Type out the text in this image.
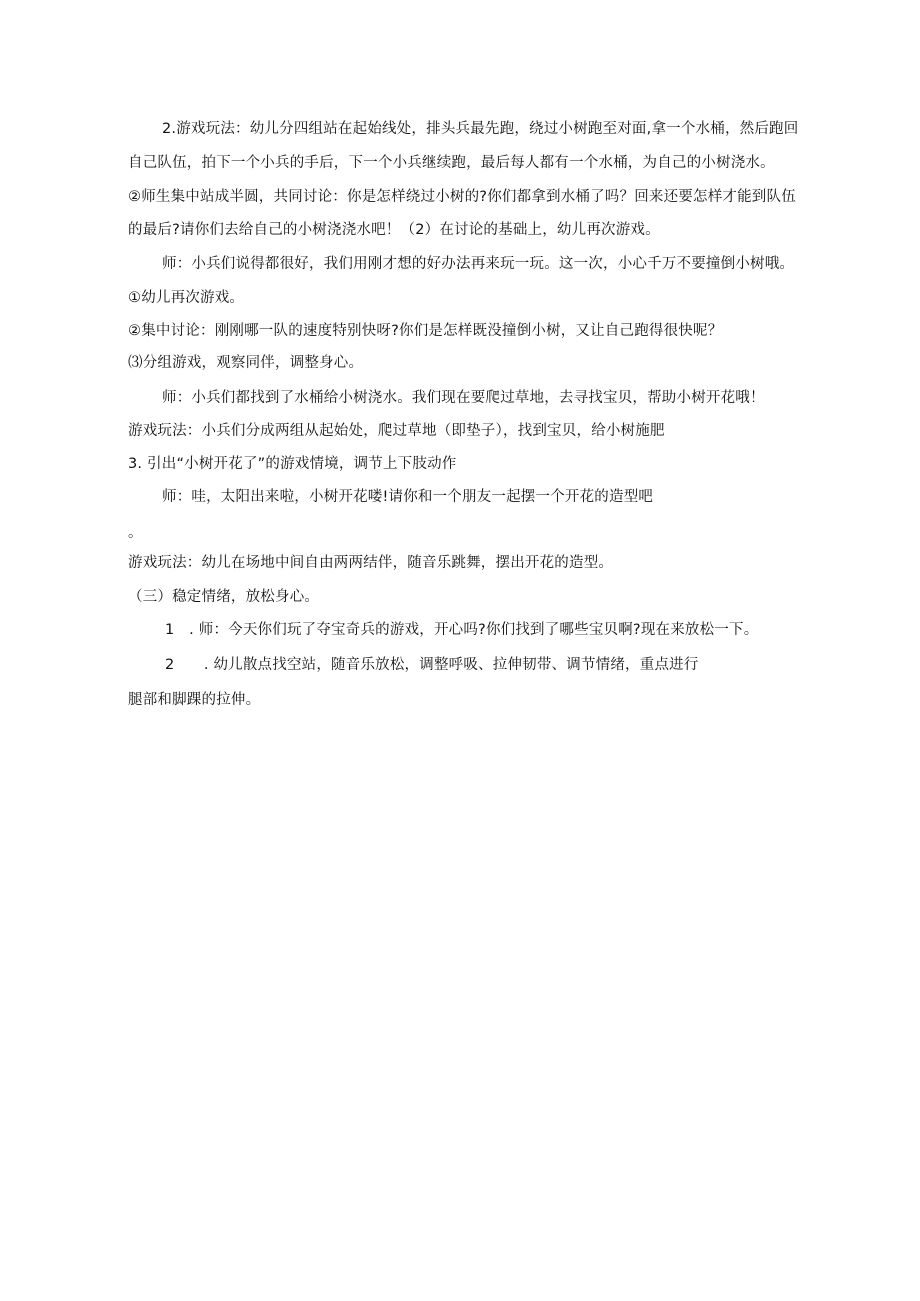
2.游戏玩法：幼儿分四组站在起始线处，排头兵最先跑，绕过小树跑至对面,拿一个水桶，然后跑回
自己队伍，拍下一个小兵的手后，下一个小兵继续跑，最后每人都有一个水桶，为自己的小树浇水。
②师生集中站成半圆，共同讨论：你是怎样绕过小树的?你们都拿到水桶了吗？回来还要怎样才能到队伍
的最后?请你们去给自己的小树浇浇水吧！（2）在讨论的基础上，幼儿再次游戏。
师：小兵们说得都很好，我们用刚才想的好办法再来玩一玩。这一次，小心千万不要撞倒小树哦。
①幼儿再次游戏。
②集中讨论：刚刚哪一队的速度特别快呀?你们是怎样既没撞倒小树，又让自己跑得很快呢？
⑶分组游戏，观察同伴，调整身心。
师：小兵们都找到了水桶给小树浇水。我们现在要爬过草地，去寻找宝贝，帮助小树开花哦！
游戏玩法：小兵们分成两组从起始处，爬过草地（即垫子），找到宝贝，给小树施肥
3. 引出“小树开花了”的游戏情境，调节上下肢动作
师：哇，太阳出来啦，小树开花喽!请你和一个朋友一起摆一个开花的造型吧
。
游戏玩法：幼儿在场地中间自由两两结伴，随音乐跳舞，摆出开花的造型。
（三）稳定情绪，放松身心。
1　. 师：今天你们玩了夺宝奇兵的游戏，开心吗?你们找到了哪些宝贝啊?现在来放松一下。
2　　. 幼儿散点找空站，随音乐放松，调整呼吸、拉伸韧带、调节情绪，重点进行
腿部和脚踝的拉伸。
